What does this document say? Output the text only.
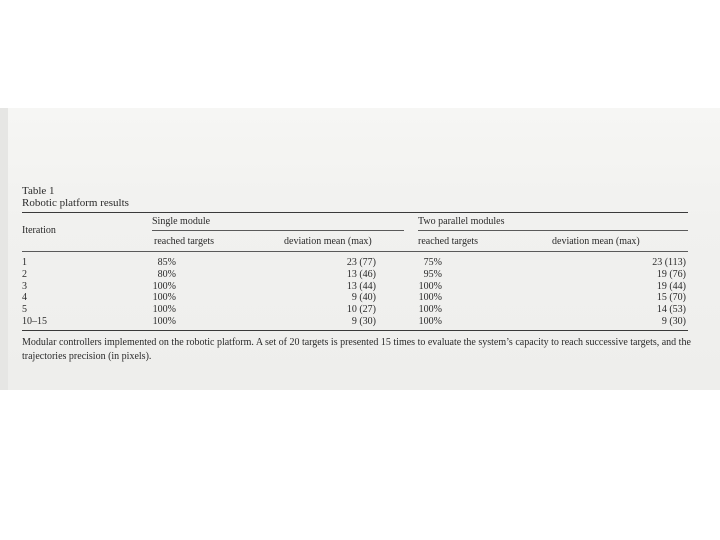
Table 1
Robotic platform results
Iteration
Single module	Two parallel modules
reached targets	deviation mean (max)	reached targets	deviation mean (max)
1	85%	23 (77)	75%	23 (113)
2	80%	13 (46)	95%	19 (76)
3	100%	13 (44)	100%	19 (44)
4	100%	9 (40)	100%	15 (70)
5	100%	10 (27)	100%	14 (53)
10–15	100%	9 (30)	100%	9 (30)

Modular controllers implemented on the robotic platform. A set of 20 targets is presented 15 times to evaluate the system’s capacity to reach successive targets, and the trajectories precision (in pixels).
